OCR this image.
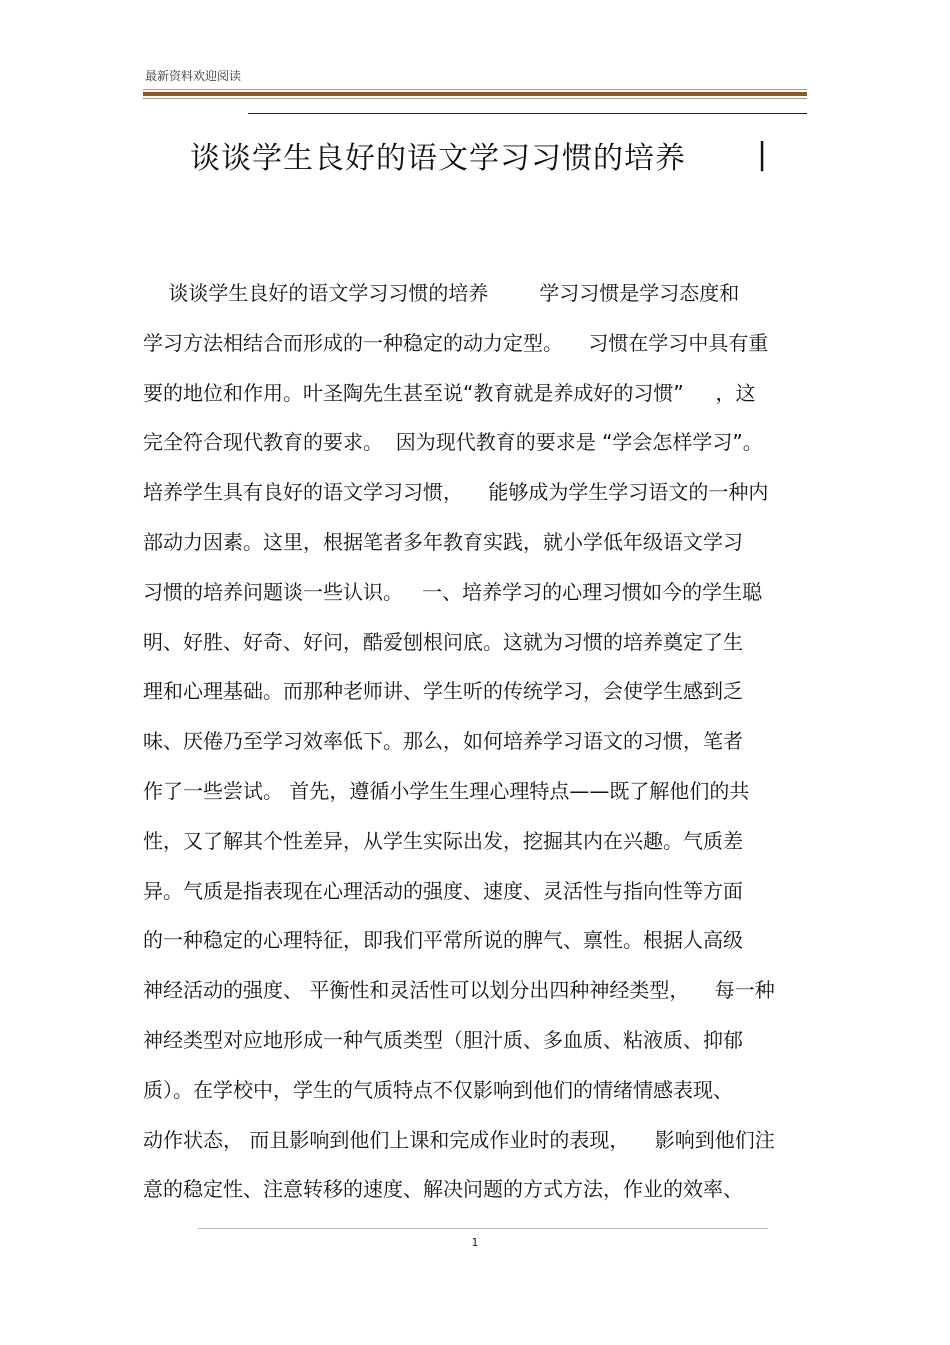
最新资料欢迎阅读
谈谈学生良好的语文学习习惯的培养 |
谈谈学生良好的语文学习习惯的培养        学习习惯是学习态度和
学习方法相结合而形成的一种稳定的动力定型。    习惯在学习中具有重
要的地位和作用。叶圣陶先生甚至说“教育就是养成好的习惯”     ，这
完全符合现代教育的要求。  因为现代教育的要求是 “学会怎样学习”。
培养学生具有良好的语文学习习惯，    能够成为学生学习语文的一种内
部动力因素。这里，根据笔者多年教育实践，就小学低年级语文学习
习惯的培养问题谈一些认识。   一、培养学习的心理习惯如今的学生聪
明、好胜、好奇、好问，酷爱刨根问底。这就为习惯的培养奠定了生
理和心理基础。而那种老师讲、学生听的传统学习，会使学生感到乏
味、厌倦乃至学习效率低下。那么，如何培养学习语文的习惯，笔者
作了一些尝试。 首先，遵循小学生生理心理特点——既了解他们的共
性，又了解其个性差异，从学生实际出发，挖掘其内在兴趣。气质差
异。气质是指表现在心理活动的强度、速度、灵活性与指向性等方面
的一种稳定的心理特征，即我们平常所说的脾气、禀性。根据人高级
神经活动的强度、 平衡性和灵活性可以划分出四种神经类型，    每一种
神经类型对应地形成一种气质类型（胆汁质、多血质、粘液质、抑郁
质）。在学校中，学生的气质特点不仅影响到他们的情绪情感表现、
动作状态， 而且影响到他们上课和完成作业时的表现，    影响到他们注
意的稳定性、注意转移的速度、解决问题的方式方法，作业的效率、
1
